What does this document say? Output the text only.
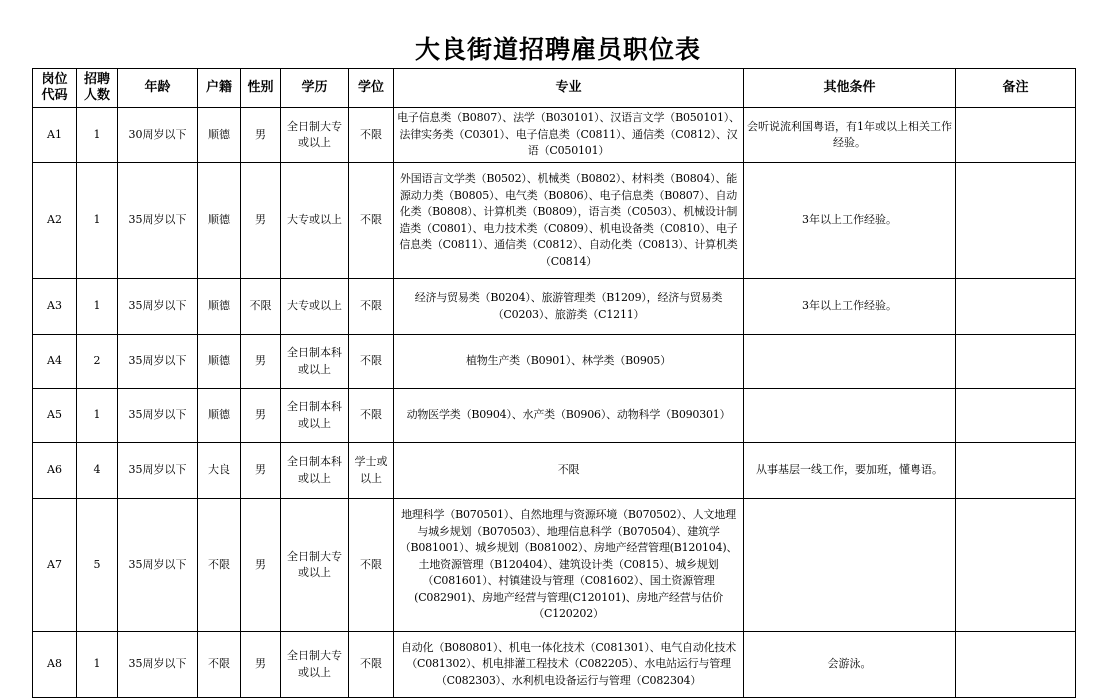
大良街道招聘雇员职位表
岗位代码	招聘人数	年龄	户籍	性别	学历	学位	专业	其他条件	备注
A1	1	30周岁以下	顺德	男	全日制大专或以上	不限	电子信息类（B0807）、法学（B030101）、汉语言文学（B050101）、法律实务类（C0301）、电子信息类（C0811）、通信类（C0812）、汉语（C050101）	会听说流利国粤语，有1年或以上相关工作经验。	
A2	1	35周岁以下	顺德	男	大专或以上	不限	外国语言文学类（B0502）、机械类（B0802）、材料类（B0804）、能源动力类（B0805）、电气类（B0806）、电子信息类（B0807）、自动化类（B0808）、计算机类（B0809），语言类（C0503）、机械设计制造类（C0801）、电力技术类（C0809）、机电设备类（C0810）、电子信息类（C0811）、通信类（C0812）、自动化类（C0813）、计算机类（C0814）	3年以上工作经验。	
A3	1	35周岁以下	顺德	不限	大专或以上	不限	经济与贸易类（B0204）、旅游管理类（B1209），经济与贸易类（C0203）、旅游类（C1211）	3年以上工作经验。	
A4	2	35周岁以下	顺德	男	全日制本科或以上	不限	植物生产类（B0901）、林学类（B0905）		
A5	1	35周岁以下	顺德	男	全日制本科或以上	不限	动物医学类（B0904）、水产类（B0906）、动物科学（B090301）		
A6	4	35周岁以下	大良	男	全日制本科或以上	学士或以上	不限	从事基层一线工作，要加班，懂粤语。	
A7	5	35周岁以下	不限	男	全日制大专或以上	不限	地理科学（B070501）、自然地理与资源环境（B070502）、人文地理与城乡规划（B070503）、地理信息科学（B070504）、建筑学（B081001）、城乡规划（B081002）、房地产经营管理(B120104)、土地资源管理（B120404）、建筑设计类（C0815）、城乡规划（C081601）、村镇建设与管理（C081602）、国土资源管理(C082901)、房地产经营与管理(C120101)、房地产经营与估价（C120202）		
A8	1	35周岁以下	不限	男	全日制大专或以上	不限	自动化（B080801）、机电一体化技术（C081301）、电气自动化技术（C081302）、机电排灌工程技术（C082205）、水电站运行与管理（C082303）、水利机电设备运行与管理（C082304）	会游泳。	
